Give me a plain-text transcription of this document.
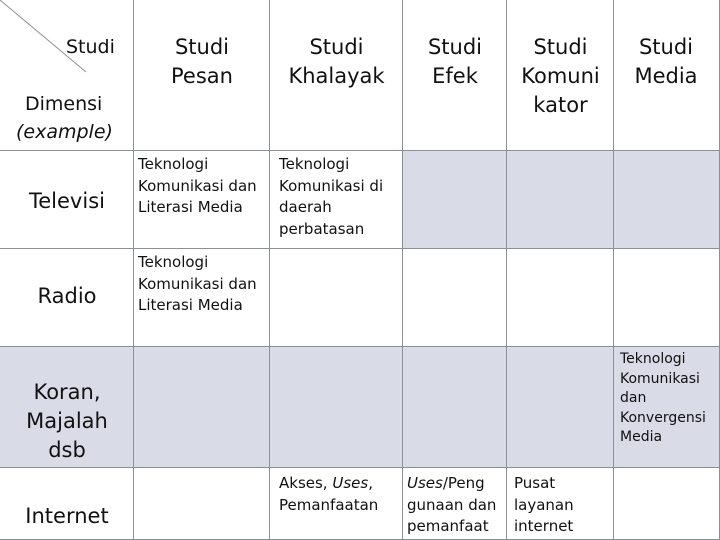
Studi
Dimensi
(example)
Studi
Pesan
Studi
Khalayak
Studi
Efek
Studi
Komuni
kator
Studi
Media
Televisi
Teknologi
Komunikasi dan
Literasi Media
Teknologi
Komunikasi di
daerah
perbatasan
Radio
Teknologi
Komunikasi dan
Literasi Media
Koran,
Majalah
dsb
Teknologi
Komunikasi
dan
Konvergensi
Media
Internet
Akses, Uses,
Pemanfaatan
Uses/Peng
gunaan dan
pemanfaat
Pusat
layanan
internet
